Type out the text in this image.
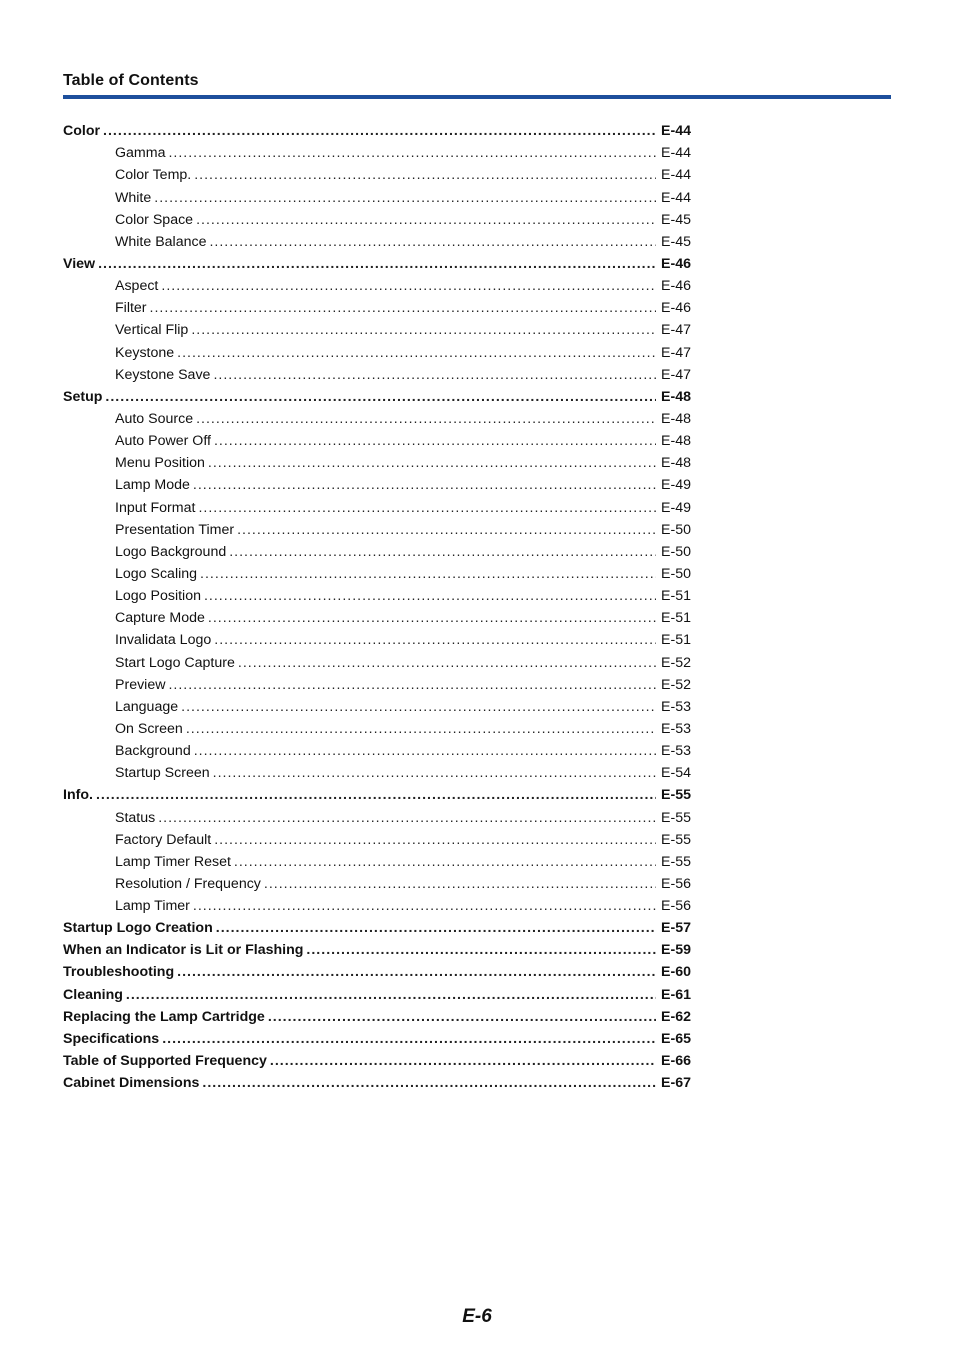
Table of Contents
Color .....	E-44
Gamma .....	E-44
Color Temp. .....	E-44
White .....	E-44
Color Space .....	E-45
White Balance .....	E-45
View .....	E-46
Aspect .....	E-46
Filter .....	E-46
Vertical Flip .....	E-47
Keystone .....	E-47
Keystone Save .....	E-47
Setup .....	E-48
Auto Source .....	E-48
Auto Power Off .....	E-48
Menu Position .....	E-48
Lamp Mode .....	E-49
Input Format .....	E-49
Presentation Timer .....	E-50
Logo Background .....	E-50
Logo Scaling .....	E-50
Logo Position .....	E-51
Capture Mode .....	E-51
Invalidata Logo .....	E-51
Start Logo Capture .....	E-52
Preview .....	E-52
Language .....	E-53
On Screen .....	E-53
Background .....	E-53
Startup Screen .....	E-54
Info. .....	E-55
Status .....	E-55
Factory Default .....	E-55
Lamp Timer Reset .....	E-55
Resolution / Frequency .....	E-56
Lamp Timer .....	E-56
Startup Logo Creation .....	E-57
When an Indicator is Lit or Flashing .....	E-59
Troubleshooting .....	E-60
Cleaning .....	E-61
Replacing the Lamp Cartridge .....	E-62
Specifications .....	E-65
Table of Supported Frequency .....	E-66
Cabinet Dimensions .....	E-67
E-6
